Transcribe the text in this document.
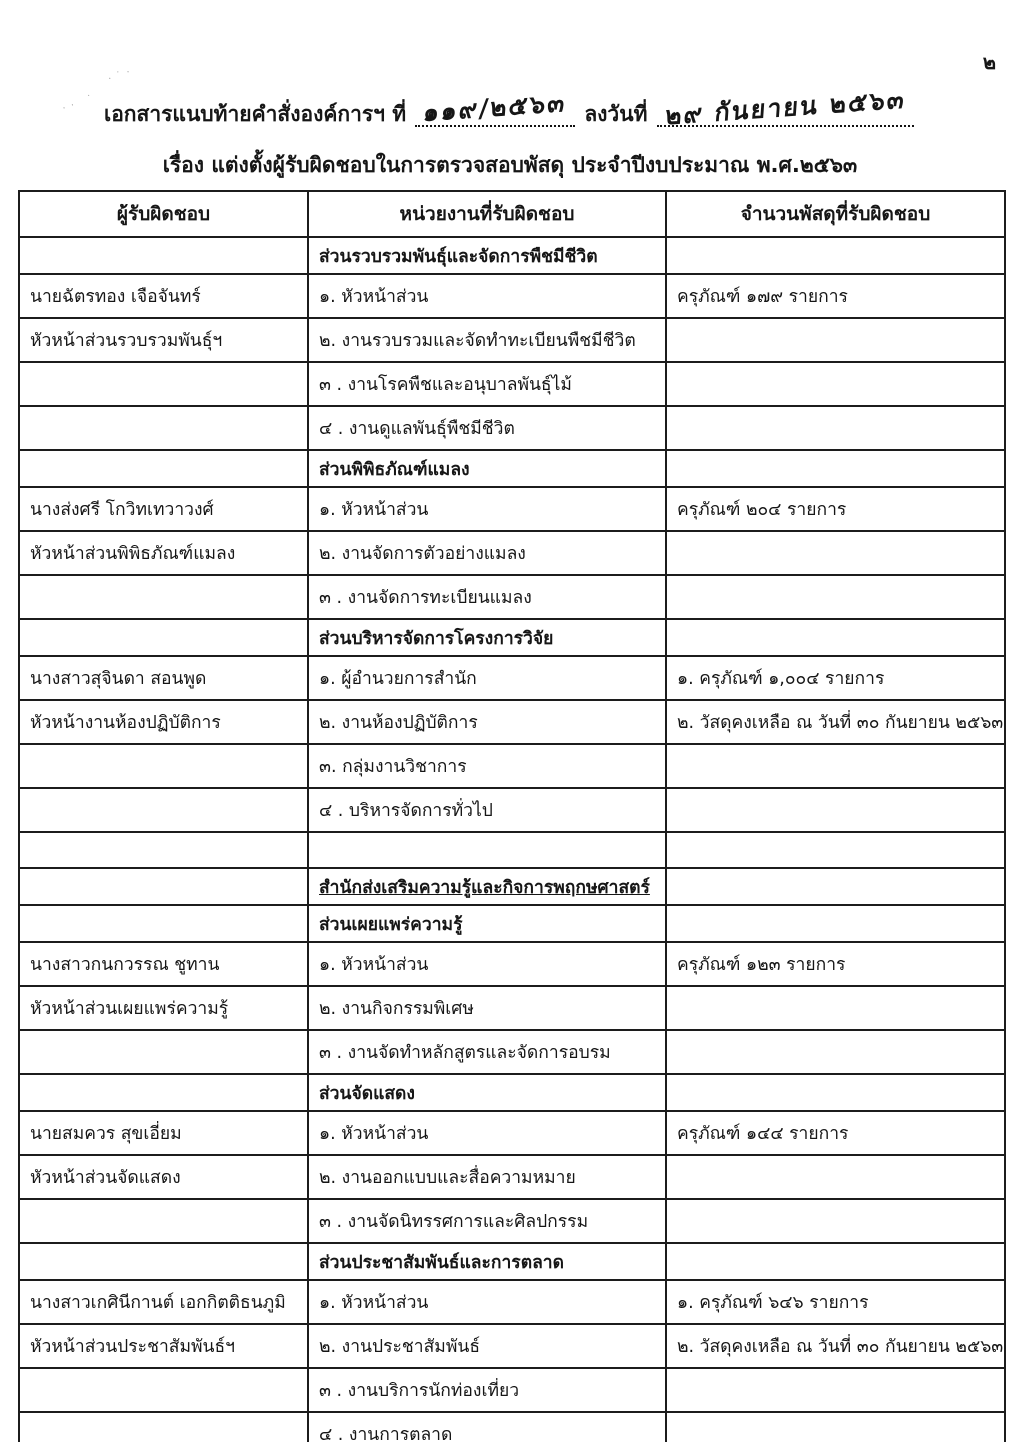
๒
·˙·
·· ˙ เอกสารแนบท้ายคำสั่งองค์การฯ ที่ ๑๑๙/๒๕๖๓ ลงวันที่ ๒๙ กันยายน ๒๕๖๓
เรื่อง แต่งตั้งผู้รับผิดชอบในการตรวจสอบพัสดุ ประจำปีงบประมาณ พ.ศ.๒๕๖๓
ผู้รับผิดชอบ	หน่วยงานที่รับผิดชอบ	จำนวนพัสดุที่รับผิดชอบ
	ส่วนรวบรวมพันธุ์และจัดการพืชมีชีวิต	
นายฉัตรทอง เจือจันทร์	๑. หัวหน้าส่วน	ครุภัณฑ์ ๑๗๙ รายการ
หัวหน้าส่วนรวบรวมพันธุ์ฯ	๒. งานรวบรวมและจัดทำทะเบียนพืชมีชีวิต	
	๓ . งานโรคพืชและอนุบาลพันธุ์ไม้	
	๔ . งานดูแลพันธุ์พืชมีชีวิต	
	ส่วนพิพิธภัณฑ์แมลง	
นางส่งศรี โกวิทเทวาวงศ์	๑. หัวหน้าส่วน	ครุภัณฑ์ ๒๐๔ รายการ
หัวหน้าส่วนพิพิธภัณฑ์แมลง	๒. งานจัดการตัวอย่างแมลง	
	๓ . งานจัดการทะเบียนแมลง	
	ส่วนบริหารจัดการโครงการวิจัย	
นางสาวสุจินดา สอนพูด	๑. ผู้อำนวยการสำนัก	๑. ครุภัณฑ์ ๑,๐๐๔ รายการ
หัวหน้างานห้องปฏิบัติการ	๒. งานห้องปฏิบัติการ	๒. วัสดุคงเหลือ ณ วันที่ ๓๐ กันยายน ๒๕๖๓
	๓. กลุ่มงานวิชาการ	
	๔ . บริหารจัดการทั่วไป	

	สำนักส่งเสริมความรู้และกิจการพฤกษศาสตร์	
	ส่วนเผยแพร่ความรู้	
นางสาวกนกวรรณ ชูทาน	๑. หัวหน้าส่วน	ครุภัณฑ์ ๑๒๓ รายการ
หัวหน้าส่วนเผยแพร่ความรู้	๒. งานกิจกรรมพิเศษ	
	๓ . งานจัดทำหลักสูตรและจัดการอบรม	
	ส่วนจัดแสดง	
นายสมควร สุขเอี่ยม	๑. หัวหน้าส่วน	ครุภัณฑ์ ๑๔๔ รายการ
หัวหน้าส่วนจัดแสดง	๒. งานออกแบบและสื่อความหมาย	
	๓ . งานจัดนิทรรศการและศิลปกรรม	
	ส่วนประชาสัมพันธ์และการตลาด	
นางสาวเกศินีกานต์ เอกกิตติธนภูมิ	๑. หัวหน้าส่วน	๑. ครุภัณฑ์ ๖๔๖ รายการ
หัวหน้าส่วนประชาสัมพันธ์ฯ	๒. งานประชาสัมพันธ์	๒. วัสดุคงเหลือ ณ วันที่ ๓๐ กันยายน ๒๕๖๓
	๓ . งานบริการนักท่องเที่ยว	
	๔ . งานการตลาด	
